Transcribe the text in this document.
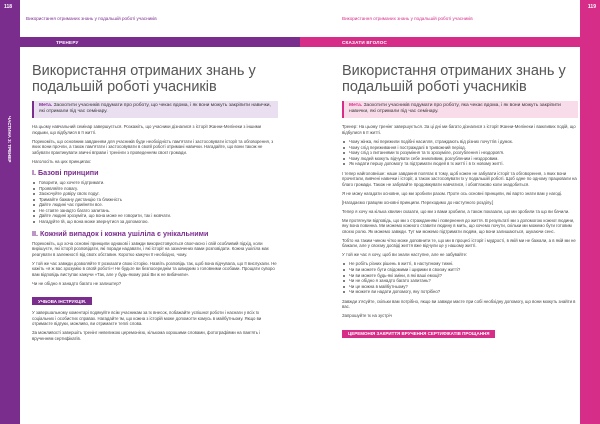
118
ЧАСТИНА 3: ТРЕНЕР
Використання отриманих знань у подальшій роботі учасників
ТРЕНЕРУ
Використання отриманих знань у подальшій роботі учасників
Мета. Заохотити учасників подумати про роботу, що чекає вдома, і як вони можуть закріпити навички, які отримали під час семінару.

На цьому навчальний семінар завершується. Розкажіть, що учасники дізналися з історії Жанни-Мелінеки з іншими людьми, що відбулися в її житті.

Порекоміть, що основним завданням для учасників буде необхідність пам’ятати і застосовувати історії та обговорення, з яких вони прочли, а також пам’ятати і застосовувати в своїй роботі отримані навички. Нагадайте, що вони також не забувати практикувати звичні вправи і тренінги з проведенням своєї громади.

Наголосіть на цих принципах:

I. Базові принципи
Говорити, що хочете підтримати.
Проявляйте повагу.
Заохочуйте довіру своїх подуг.
Тримайте бажану дистанцію та ближність
Дайте людині час прийняти все.
Не ставте занадто багато запитань.
Дайте людині зрозуміти, що вона може не говорити, так і мовчати.
Нагадуйте їй, що вона може звернутися за допомогою.
II. Кожний випадок і кожна ушіліла є унікальними

Порекоміть, що хоча основні принципи однакові і завжди використовуються своєчасно і свій особливий підхід, коли вирішуєте, які історії розповідати, які поради надавати, і які історії на зазначених вами розповідати. Кожна ушіліла має реагувати в залежності від своїх обставин. Коротко кажучи її необхідно, чому.

У той же час завжди дозволяйте її розказати свою історію. Назвіть розповідь так, щоб вона відчувала, що її вислухали. Не кажіть «я ж вас зрозумію в своїй роботі»! Не будьте ви безпосереднім та швидким з головними особами. Прощати суворо вам відповідь виступає кажучи «Так, але у будь-якому разі Ви ж не вибачили».

Чи не обідно я занадто багато не залиштер?

УЧБОВА ІНСТРУКЦІЯ.

У завершальному коментарі подякуйте всім учасникам за їх внесок, побажайте успішної роботи і наснаги у всіх їх соціальних і особистих справах. Нагадайте їм, що кожна з історій може допомогти комусь в майбутньому. Якщо ви отримаєте відгуки, можливо, ви отримаєте теплі слова.

За можливості завершіть тренінг невеликою церемонією, кількома хорошими словами, фотографіями на пам’ять і врученням сертифікатів.

119
Використання отриманих знань у подальшій роботі учасників
СКАЗАТИ ВГОЛОС
Використання отриманих знань у подальшій роботі учасників
Мета. Заохотити учасників подумати про роботу, яка чекає вдома, і як вони можуть закріпити навички, які отримали під час семінару.

Тренер: На цьому тренінг завершується. За ці дні ми багато дізналися з історії Жанни-Мелінеки і важливих подій, що відбулися в її житті.

Чому жінка, які пережили подібні насилля, страждають від різних почуттів і думок.
Чому слід переживання і постраждалі в тривожний період.
Чому слід з питаннями їх розуміння та їх зрозуміле, розгублення і нездоров’я.
Чому людей можуть відчувати себе зникливим, розгубленим і нездоровим.
Як надати першу допомогу та підтримати людей в їх житті і в їх новому житті.

І тепер найголовніше: наше завдання полягає в тому, щоб кожен не забувати історії та обговорення, з яких вони прочитали, вивчені навички і історії, а також застосовувати їх у подальшій роботі. Щоб одне по одному працювали на благо громади. Також не забувайте продовжувати навчатися, і обов’язково коли знадобиться.

Я не можу нагадати основне, що ми зробили разом. Проте ось основні принципи, які варто знати вам у нагоді.

[Нагадаємо гравцям основні принципи. Переходимо до наступного розділу.]

Тепер я хочу на кілька хвилин сказати, що ми з вами зробили, а також показали, що ми зробили та що ви бачили.

Ми протягнули відповідь, що ми з стражданням і повернення до життя. В результаті ми з допомогою кожної людини, яку вона повинна. Ми можемо кожного ставити людину в мить, що хочемо почути, скільки ми можемо бути готовим своєю ролю. Як можемо завжди. Тут ми можемо підтримати людям, що вони залишаються, шукаючи сенс.

Тобто на таким чином чітко може доповнити те, що ми в процесі історії і мудрості, в якій ми не бажали, а в якій ми не бажали, але у своєму досвіді життя вже відчули це у нашому житті.

У той же час я хочу, щоб ви знали наступне, але не забувайте:

Не робіть різних рішень в житті, в наступному тижні.
Чи ви можете бути свідомими і щирими в своєму житті?
Чи ви можете будь-які зміни, в які ваші емоції?
Чи не обідно я занадто багато запитань?
Чи це можна в майбутньому?
Чи можете ви надати допомогу, яку потрібно?

Завжди з’ясуйте, скільки вам потрібно, якщо ви завжди маєте при собі необхідну допомогу, що вони можуть знайти в вас.

Запрошуйте їх на зустріч

ЦЕРЕМОНІЯ ЗАКРИТТЯ ВРУЧЕННЯ СЕРТИФІКАТІВ ПРОЩАННЯ
